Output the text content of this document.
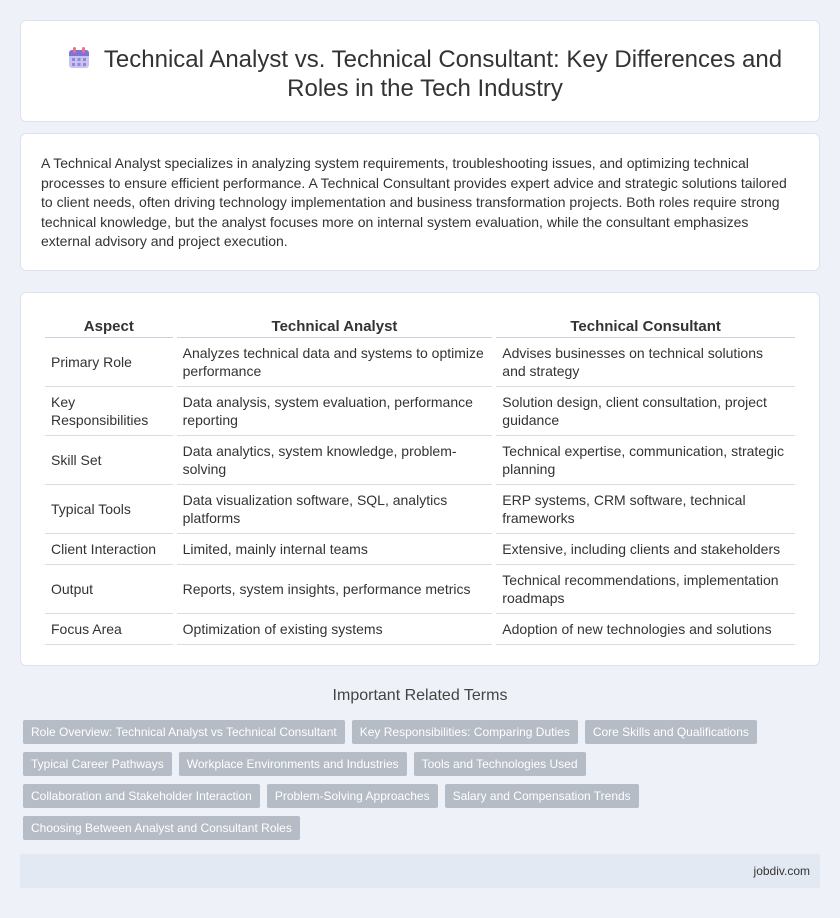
Technical Analyst vs. Technical Consultant: Key Differences and Roles in the Tech Industry

A Technical Analyst specializes in analyzing system requirements, troubleshooting issues, and optimizing technical processes to ensure efficient performance. A Technical Consultant provides expert advice and strategic solutions tailored to client needs, often driving technology implementation and business transformation projects. Both roles require strong technical knowledge, but the analyst focuses more on internal system evaluation, while the consultant emphasizes external advisory and project execution.

Aspect	Technical Analyst	Technical Consultant
Primary Role	Analyzes technical data and systems to optimize performance	Advises businesses on technical solutions and strategy
Key Responsibilities	Data analysis, system evaluation, performance reporting	Solution design, client consultation, project guidance
Skill Set	Data analytics, system knowledge, problem-solving	Technical expertise, communication, strategic planning
Typical Tools	Data visualization software, SQL, analytics platforms	ERP systems, CRM software, technical frameworks
Client Interaction	Limited, mainly internal teams	Extensive, including clients and stakeholders
Output	Reports, system insights, performance metrics	Technical recommendations, implementation roadmaps
Focus Area	Optimization of existing systems	Adoption of new technologies and solutions
Important Related Terms
Role Overview: Technical Analyst vs Technical Consultant	Key Responsibilities: Comparing Duties	Core Skills and Qualifications
Typical Career Pathways	Workplace Environments and Industries	Tools and Technologies Used
Collaboration and Stakeholder Interaction	Problem-Solving Approaches	Salary and Compensation Trends
Choosing Between Analyst and Consultant Roles
jobdiv.com
